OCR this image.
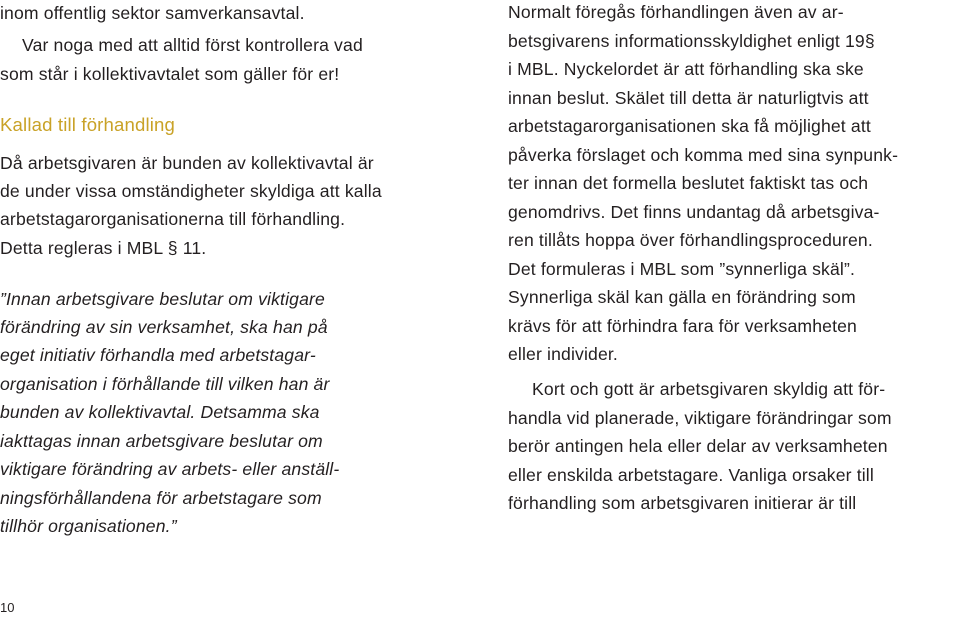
inom offentlig sektor samverkansavtal.
Var noga med att alltid först kontrollera vad
som står i kollektivavtalet som gäller för er!
Kallad till förhandling
Då arbetsgivaren är bunden av kollektivavtal är
de under vissa omständigheter skyldiga att kalla
arbetstagarorganisationerna till förhandling.
Detta regleras i MBL § 11.
”Innan arbetsgivare beslutar om viktigare
förändring av sin verksamhet, ska han på
eget initiativ förhandla med arbetstagar-
organisation i förhållande till vilken han är
bunden av kollektivavtal. Detsamma ska
iakttagas innan arbetsgivare beslutar om
viktigare förändring av arbets- eller anställ-
ningsförhållandena för arbetstagare som
tillhör organisationen.”
Normalt föregås förhandlingen även av ar-
betsgivarens informationsskyldighet enligt 19§
i MBL. Nyckelordet är att förhandling ska ske
innan beslut. Skälet till detta är naturligtvis att
arbetstagarorganisationen ska få möjlighet att
påverka förslaget och komma med sina synpunk-
ter innan det formella beslutet faktiskt tas och
genomdrivs. Det finns undantag då arbetsgiva-
ren tillåts hoppa över förhandlingsproceduren.
Det formuleras i MBL som ”synnerliga skäl”.
Synnerliga skäl kan gälla en förändring som
krävs för att förhindra fara för verksamheten
eller individer.
Kort och gott är arbetsgivaren skyldig att för-
handla vid planerade, viktigare förändringar som
berör antingen hela eller delar av verksamheten
eller enskilda arbetstagare. Vanliga orsaker till
förhandling som arbetsgivaren initierar är till
10
